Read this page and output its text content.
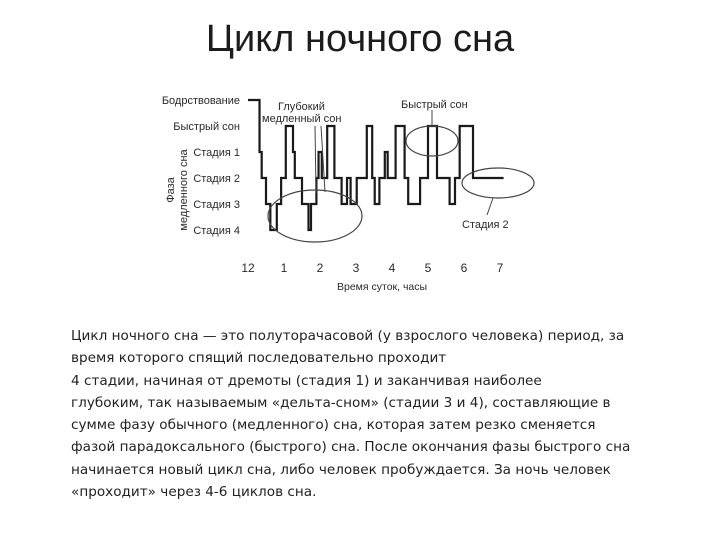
Цикл ночного сна
Бодрствование
Быстрый сон
Стадия 1
Стадия 2
Стадия 3
Стадия 4
12 1 2 3 4 5 6 7
Время суток, часы
Фаза медленного сна
Глубокий
медленный сон
Быстрый сон
Стадия 2

Цикл ночного сна — это полуторачасовой (у взрослого человека) период, за

время которого спящий последовательно проходит

4 стадии, начиная от дремоты (стадия 1) и заканчивая наиболее

глубоким, так называемым «дельта-сном» (стадии 3 и 4), составляющие в

сумме фазу обычного (медленного) сна, которая затем резко сменяется

фазой парадоксального (быстрого) сна. После окончания фазы быстрого сна

начинается новый цикл сна, либо человек пробуждается. За ночь человек

«проходит» через 4-6 циклов сна.
